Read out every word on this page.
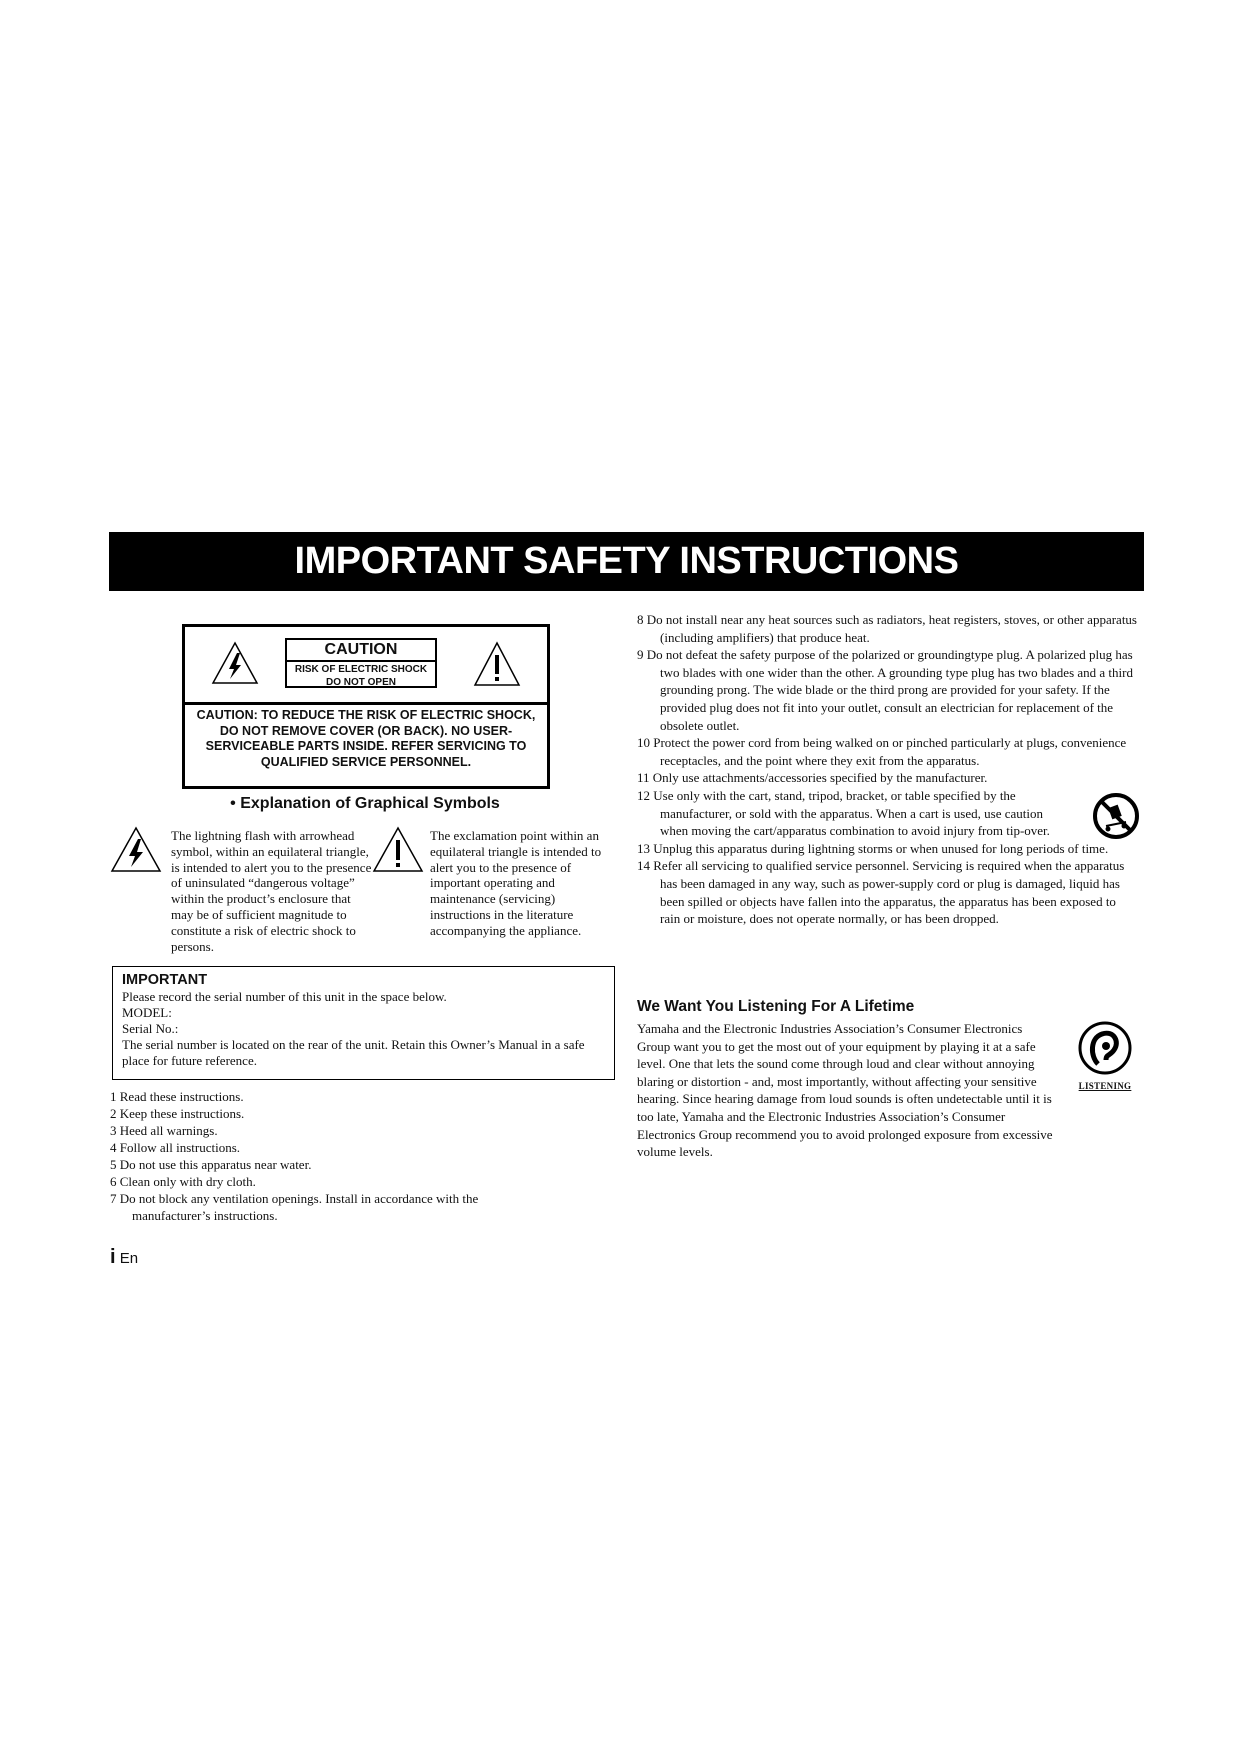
IMPORTANT SAFETY INSTRUCTIONS
CAUTION
RISK OF ELECTRIC SHOCK DO NOT OPEN
CAUTION: TO REDUCE THE RISK OF ELECTRIC SHOCK, DO NOT REMOVE COVER (OR BACK). NO USER-SERVICEABLE PARTS INSIDE. REFER SERVICING TO QUALIFIED SERVICE PERSONNEL.
• Explanation of Graphical Symbols
The lightning flash with arrowhead symbol, within an equilateral triangle, is intended to alert you to the presence of uninsulated “dangerous voltage” within the product’s enclosure that may be of sufficient magnitude to constitute a risk of electric shock to persons.
The exclamation point within an equilateral triangle is intended to alert you to the presence of important operating and maintenance (servicing) instructions in the literature accompanying the appliance.
IMPORTANT
Please record the serial number of this unit in the space below.
MODEL:
Serial No.:
The serial number is located on the rear of the unit. Retain this Owner’s Manual in a safe place for future reference.
1 Read these instructions.
2 Keep these instructions.
3 Heed all warnings.
4 Follow all instructions.
5 Do not use this apparatus near water.
6 Clean only with dry cloth.
7 Do not block any ventilation openings. Install in accordance with the manufacturer’s instructions.
8 Do not install near any heat sources such as radiators, heat registers, stoves, or other apparatus (including amplifiers) that produce heat.
9 Do not defeat the safety purpose of the polarized or groundingtype plug. A polarized plug has two blades with one wider than the other. A grounding type plug has two blades and a third grounding prong. The wide blade or the third prong are provided for your safety. If the provided plug does not fit into your outlet, consult an electrician for replacement of the obsolete outlet.
10 Protect the power cord from being walked on or pinched particularly at plugs, convenience receptacles, and the point where they exit from the apparatus.
11 Only use attachments/accessories specified by the manufacturer.
12 Use only with the cart, stand, tripod, bracket, or table specified by the manufacturer, or sold with the apparatus. When a cart is used, use caution when moving the cart/apparatus combination to avoid injury from tip-over.
13 Unplug this apparatus during lightning storms or when unused for long periods of time.
14 Refer all servicing to qualified service personnel. Servicing is required when the apparatus has been damaged in any way, such as power-supply cord or plug is damaged, liquid has been spilled or objects have fallen into the apparatus, the apparatus has been exposed to rain or moisture, does not operate normally, or has been dropped.
We Want You Listening For A Lifetime
Yamaha and the Electronic Industries Association’s Consumer Electronics Group want you to get the most out of your equipment by playing it at a safe level. One that lets the sound come through loud and clear without annoying blaring or distortion - and, most importantly, without affecting your sensitive hearing. Since hearing damage from loud sounds is often undetectable until it is too late, Yamaha and the Electronic Industries Association’s Consumer Electronics Group recommend you to avoid prolonged exposure from excessive volume levels.
LISTENING
i En
